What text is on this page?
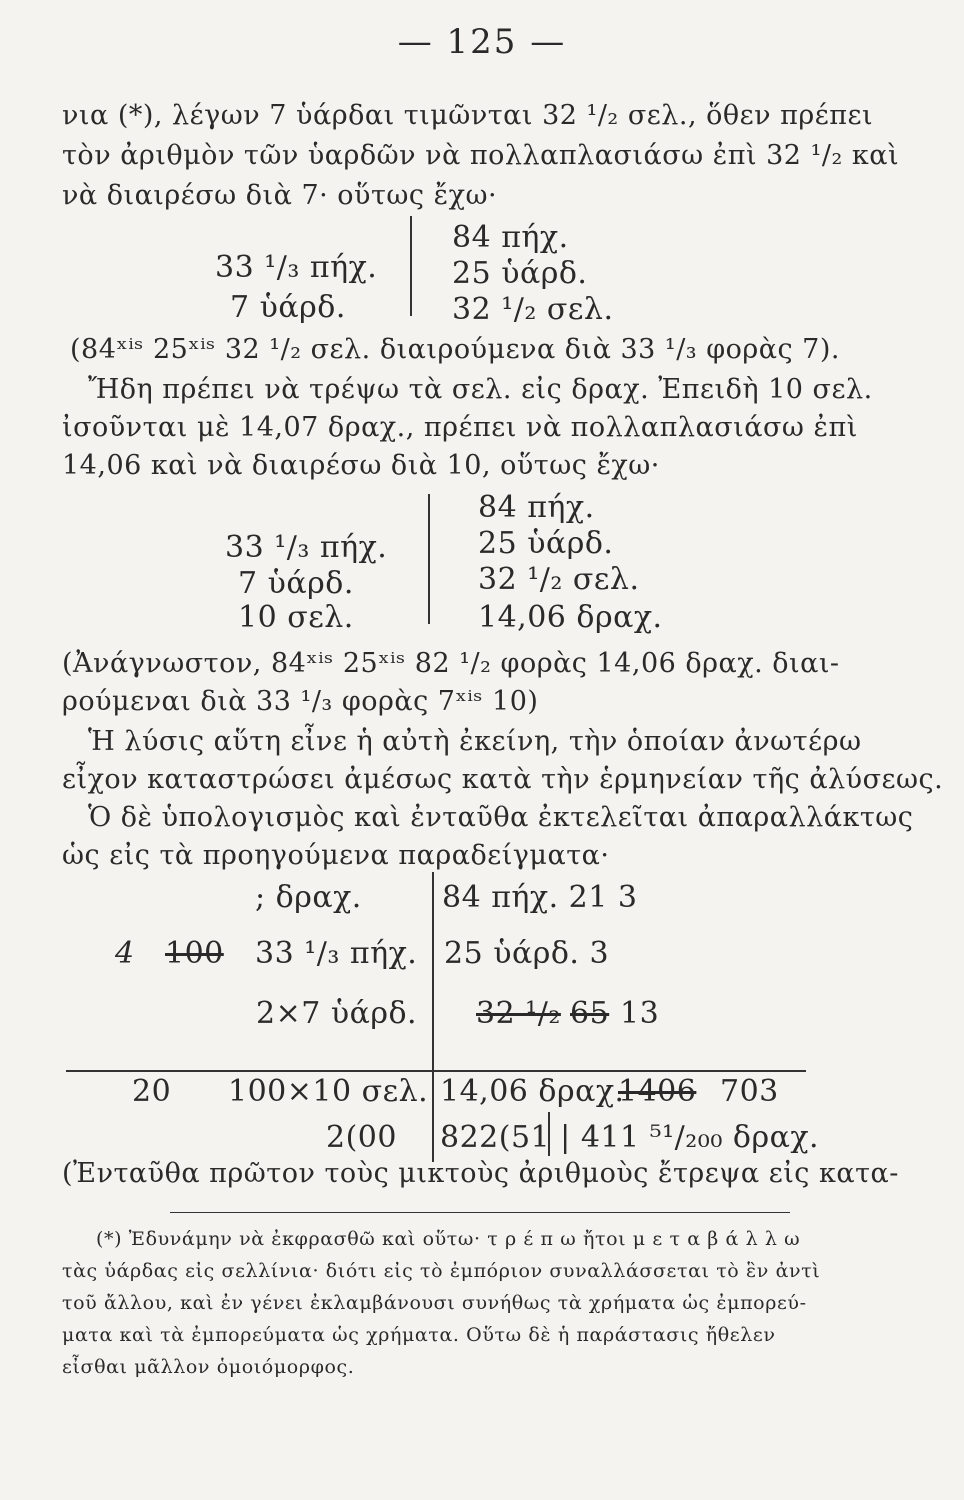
— 125 —
νια (*), λέγων 7 ὑάρδαι τιμῶνται 32 ¹/₂ σελ., ὅθεν πρέπει
τὸν ἀριθμὸν τῶν ὑαρδῶν νὰ πολλαπλασιάσω ἐπὶ 32 ¹/₂ καὶ
νὰ διαιρέσω διὰ 7· οὕτως ἔχω·
33 ¹/₃ πήχ.
7 ὑάρδ.
84 πήχ.
25 ὑάρδ.
32 ¹/₂ σελ.
(84ˣⁱˢ 25ˣⁱˢ 32 ¹/₂ σελ. διαιρούμενα διὰ 33 ¹/₃ φορὰς 7).
Ἤδη πρέπει νὰ τρέψω τὰ σελ. εἰς δραχ. Ἐπειδὴ 10 σελ.
ἰσοῦνται μὲ 14,07 δραχ., πρέπει νὰ πολλαπλασιάσω ἐπὶ
14,06 καὶ νὰ διαιρέσω διὰ 10, οὕτως ἔχω·
33 ¹/₃ πήχ.
7 ὑάρδ.
10 σελ.
84 πήχ.
25 ὑάρδ.
32 ¹/₂ σελ.
14,06 δραχ.
(Ἀνάγνωστον, 84ˣⁱˢ 25ˣⁱˢ 82 ¹/₂ φορὰς 14,06 δραχ. διαι-
ρούμεναι διὰ 33 ¹/₃ φορὰς 7ˣⁱˢ 10)
Ἡ λύσις αὕτη εἶνε ἡ αὐτὴ ἐκείνη, τὴν ὁποίαν ἀνωτέρω
εἶχον καταστρώσει ἀμέσως κατὰ τὴν ἑρμηνείαν τῆς ἀλύσεως.
Ὁ δὲ ὑπολογισμὸς καὶ ἐνταῦθα ἐκτελεῖται ἀπαραλλάκτως
ὡς εἰς τὰ προηγούμενα παραδείγματα·
; δραχ.
4 100 33 ¹/₃ πήχ.
2×7 ὑάρδ.
20 100×10 σελ.
2(00
84 πήχ. 21 3
25 ὑάρδ. 3
32 ¹/₂ 65 13
14,06 δραχ.
1406 703
822(51 | 411 ⁵¹/₂₀₀ δραχ.
(Ἐνταῦθα πρῶτον τοὺς μικτοὺς ἀριθμοὺς ἔτρεψα εἰς κατα-
(*) Ἐδυνάμην νὰ ἐκφρασθῶ καὶ οὕτω· τ ρ έ π ω ἤτοι μ ε τ α β ά λ λ ω
τὰς ὑάρδας εἰς σελλίνια· διότι εἰς τὸ ἐμπόριον συναλλάσσεται τὸ ἓν ἀντὶ
τοῦ ἄλλου, καὶ ἐν γένει ἐκλαμβάνουσι συνήθως τὰ χρήματα ὡς ἐμπορεύ-
ματα καὶ τὰ ἐμπορεύματα ὡς χρήματα. Οὕτω δὲ ἡ παράστασις ἤθελεν
εἶσθαι μᾶλλον ὁμοιόμορφος.
